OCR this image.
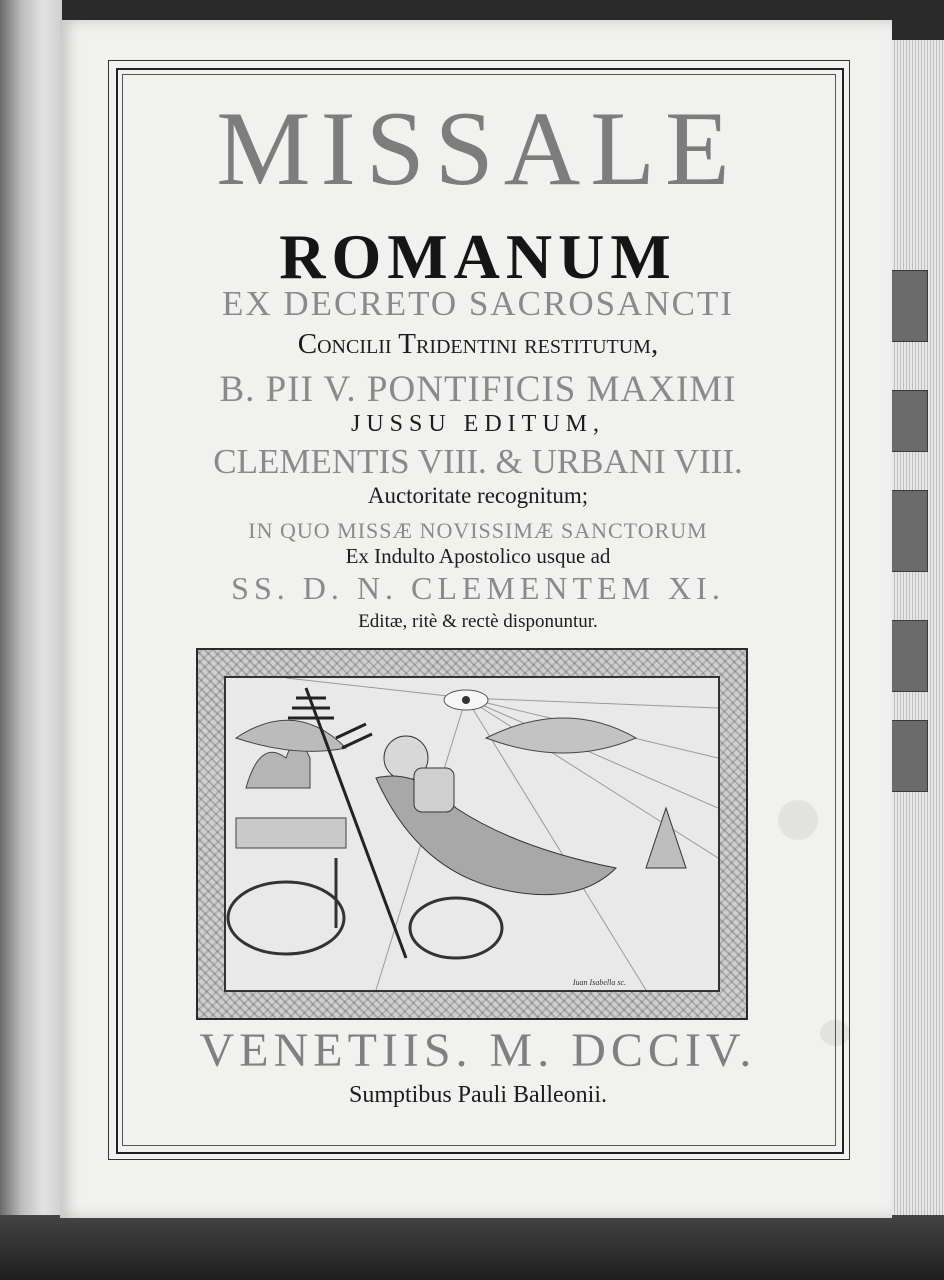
MISSALE
ROMANUM
EX DECRETO SACROSANCTI
Concilii Tridentini restitutum,
B. PII V. PONTIFICIS MAXIMI
JUSSU EDITUM,
CLEMENTIS VIII. & URBANI VIII.
Auctoritate recognitum;
IN QUO MISSÆ NOVISSIMÆ SANCTORUM
Ex Indulto Apostolico usque ad
SS. D. N. CLEMENTEM XI.
Editæ, ritè & rectè disponuntur.
Iuan Isabella sc.
VENETIIS. M. DCCIV.
Sumptibus Pauli Balleonii.
